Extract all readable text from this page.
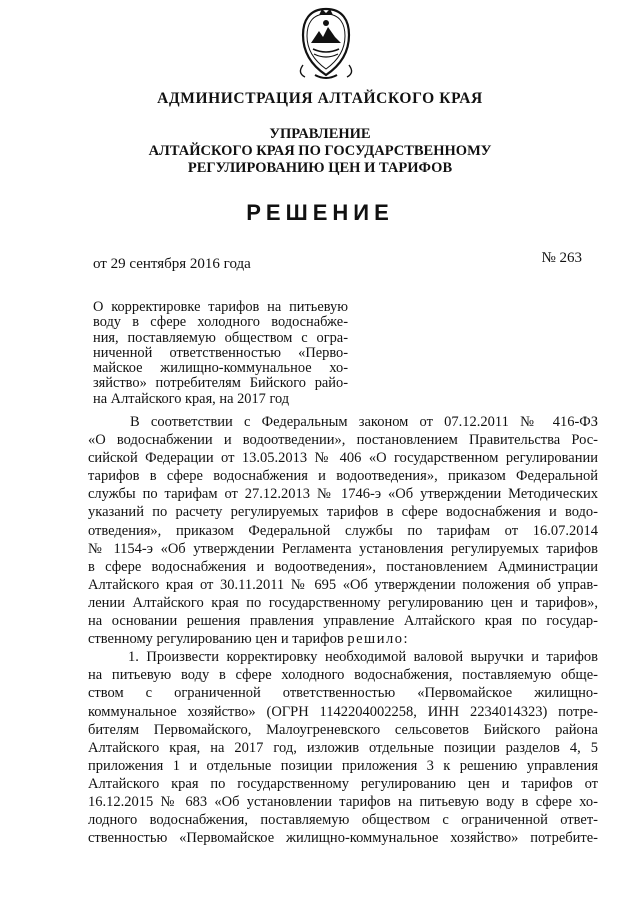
АДМИНИСТРАЦИЯ АЛТАЙСКОГО КРАЯ
УПРАВЛЕНИЕ
АЛТАЙСКОГО КРАЯ ПО ГОСУДАРСТВЕННОМУ
РЕГУЛИРОВАНИЮ ЦЕН И ТАРИФОВ
РЕШЕНИЕ
от 29 сентября 2016 года	№ 263
О корректировке тарифов на питьевую
воду в сфере холодного водоснабже-
ния, поставляемую обществом с огра-
ниченной ответственностью «Перво-
майское жилищно-коммунальное хо-
зяйство» потребителям Бийского райо-
на Алтайского края, на 2017 год
В соответствии с Федеральным законом от 07.12.2011 № 416-ФЗ
«О водоснабжении и водоотведении», постановлением Правительства Рос-
сийской Федерации от 13.05.2013 № 406 «О государственном регулировании
тарифов в сфере водоснабжения и водоотведения», приказом Федеральной
службы по тарифам от 27.12.2013 № 1746-э «Об утверждении Методических
указаний по расчету регулируемых тарифов в сфере водоснабжения и водо-
отведения», приказом Федеральной службы по тарифам от 16.07.2014
№ 1154-э «Об утверждении Регламента установления регулируемых тарифов
в сфере водоснабжения и водоотведения», постановлением Администрации
Алтайского края от 30.11.2011 № 695 «Об утверждении положения об управ-
лении Алтайского края по государственному регулированию цен и тарифов»,
на основании решения правления управление Алтайского края по государ-
ственному регулированию цен и тарифов решило:
1. Произвести корректировку необходимой валовой выручки и тарифов
на питьевую воду в сфере холодного водоснабжения, поставляемую обще-
ством с ограниченной ответственностью «Первомайское жилищно-
коммунальное хозяйство» (ОГРН 1142204002258, ИНН 2234014323) потре-
бителям Первомайского, Малоугреневского сельсоветов Бийского района
Алтайского края, на 2017 год, изложив отдельные позиции разделов 4, 5
приложения 1 и отдельные позиции приложения 3 к решению управления
Алтайского края по государственному регулированию цен и тарифов от
16.12.2015 № 683 «Об установлении тарифов на питьевую воду в сфере хо-
лодного водоснабжения, поставляемую обществом с ограниченной ответ-
ственностью «Первомайское жилищно-коммунальное хозяйство» потребите-
